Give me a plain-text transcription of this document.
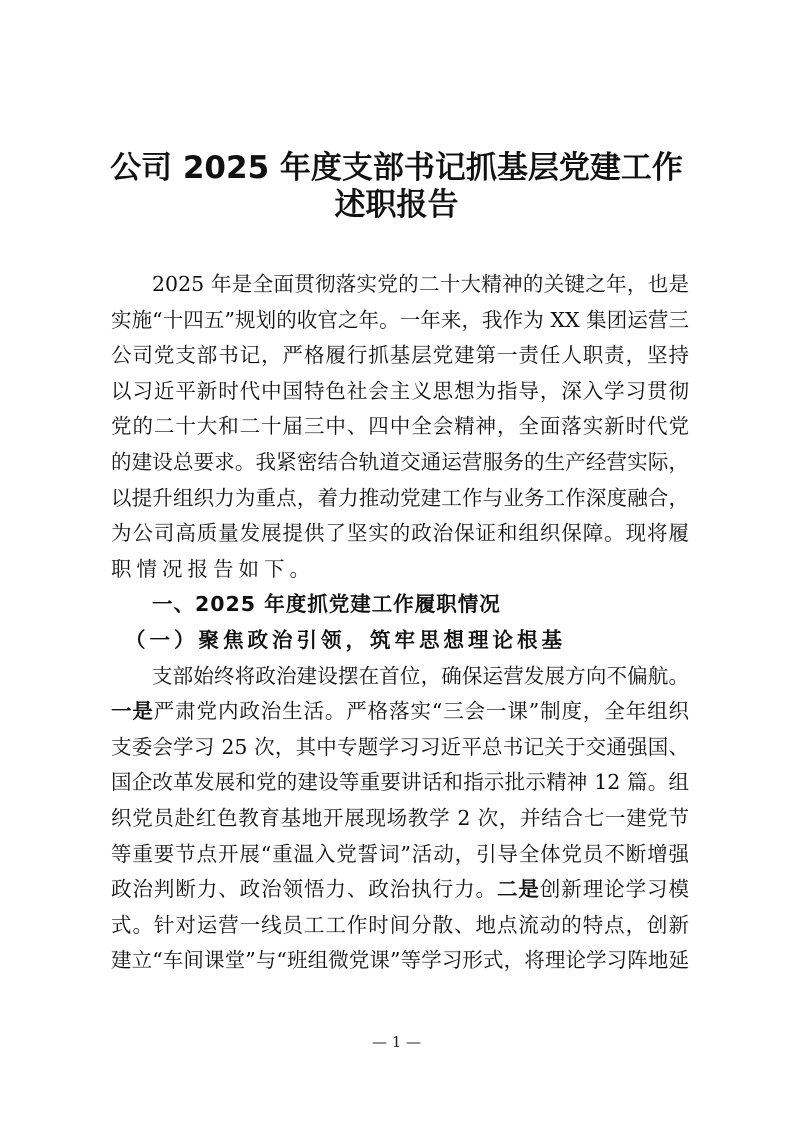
公司 2025 年度支部书记抓基层党建工作
述职报告
2025 年是全面贯彻落实党的二十大精神的关键之年，也是
实施“十四五”规划的收官之年。一年来，我作为 XX 集团运营三
公司党支部书记，严格履行抓基层党建第一责任人职责，坚持
以习近平新时代中国特色社会主义思想为指导，深入学习贯彻
党的二十大和二十届三中、四中全会精神，全面落实新时代党
的建设总要求。我紧密结合轨道交通运营服务的生产经营实际，
以提升组织力为重点，着力推动党建工作与业务工作深度融合，
为公司高质量发展提供了坚实的政治保证和组织保障。现将履
职情况报告如下。
一、2025 年度抓党建工作履职情况
（一）聚焦政治引领，筑牢思想理论根基
支部始终将政治建设摆在首位，确保运营发展方向不偏航。
一是严肃党内政治生活。严格落实“三会一课”制度，全年组织
支委会学习 25 次，其中专题学习习近平总书记关于交通强国、
国企改革发展和党的建设等重要讲话和指示批示精神 12 篇。组
织党员赴红色教育基地开展现场教学 2 次，并结合七一建党节
等重要节点开展“重温入党誓词”活动，引导全体党员不断增强
政治判断力、政治领悟力、政治执行力。二是创新理论学习模
式。针对运营一线员工工作时间分散、地点流动的特点，创新
建立“车间课堂”与“班组微党课”等学习形式，将理论学习阵地延
— 1 —
